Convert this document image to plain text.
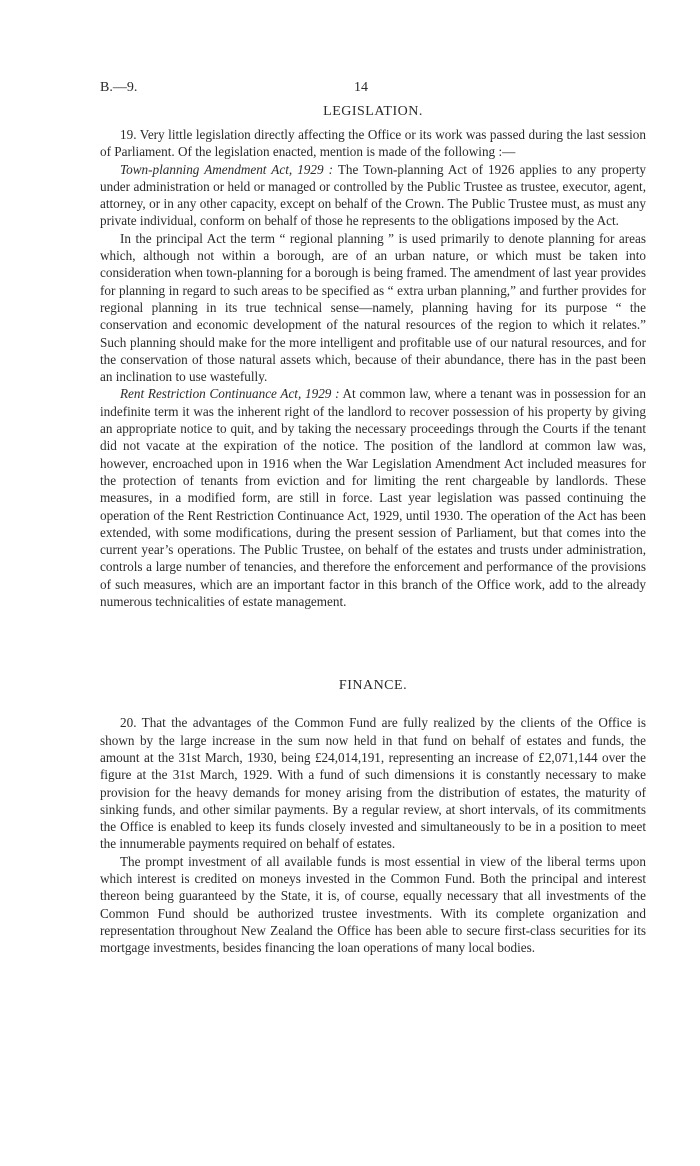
B.—9.	14
LEGISLATION.

19. Very little legislation directly affecting the Office or its work was passed during the last session of Parliament. Of the legislation enacted, mention is made of the following :—

Town-planning Amendment Act, 1929 : The Town-planning Act of 1926 applies to any property under administration or held or managed or controlled by the Public Trustee as trustee, executor, agent, attorney, or in any other capacity, except on behalf of the Crown. The Public Trustee must, as must any private individual, conform on behalf of those he represents to the obligations imposed by the Act.

In the principal Act the term “ regional planning ” is used primarily to denote planning for areas which, although not within a borough, are of an urban nature, or which must be taken into consideration when town-planning for a borough is being framed. The amendment of last year provides for planning in regard to such areas to be specified as “ extra urban planning,” and further provides for regional planning in its true technical sense—namely, planning having for its purpose “ the conservation and economic development of the natural resources of the region to which it relates.” Such planning should make for the more intelligent and profitable use of our natural resources, and for the conservation of those natural assets which, because of their abundance, there has in the past been an inclination to use wastefully.

Rent Restriction Continuance Act, 1929 : At common law, where a tenant was in possession for an indefinite term it was the inherent right of the landlord to recover possession of his property by giving an appropriate notice to quit, and by taking the necessary proceedings through the Courts if the tenant did not vacate at the expiration of the notice. The position of the landlord at common law was, however, encroached upon in 1916 when the War Legislation Amendment Act included measures for the protection of tenants from eviction and for limiting the rent chargeable by landlords. These measures, in a modified form, are still in force. Last year legislation was passed continuing the operation of the Rent Restriction Continuance Act, 1929, until 1930. The operation of the Act has been extended, with some modifications, during the present session of Parliament, but that comes into the current year’s operations. The Public Trustee, on behalf of the estates and trusts under administration, controls a large number of tenancies, and therefore the enforcement and performance of the provisions of such measures, which are an important factor in this branch of the Office work, add to the already numerous technicalities of estate management.

FINANCE.

20. That the advantages of the Common Fund are fully realized by the clients of the Office is shown by the large increase in the sum now held in that fund on behalf of estates and funds, the amount at the 31st March, 1930, being £24,014,191, representing an increase of £2,071,144 over the figure at the 31st March, 1929. With a fund of such dimensions it is constantly necessary to make provision for the heavy demands for money arising from the distribution of estates, the maturity of sinking funds, and other similar payments. By a regular review, at short intervals, of its commitments the Office is enabled to keep its funds closely invested and simultaneously to be in a position to meet the innumerable payments required on behalf of estates.

The prompt investment of all available funds is most essential in view of the liberal terms upon which interest is credited on moneys invested in the Common Fund. Both the principal and interest thereon being guaranteed by the State, it is, of course, equally necessary that all investments of the Common Fund should be authorized trustee investments. With its complete organization and representation throughout New Zealand the Office has been able to secure first-class securities for its mortgage investments, besides financing the loan operations of many local bodies.
